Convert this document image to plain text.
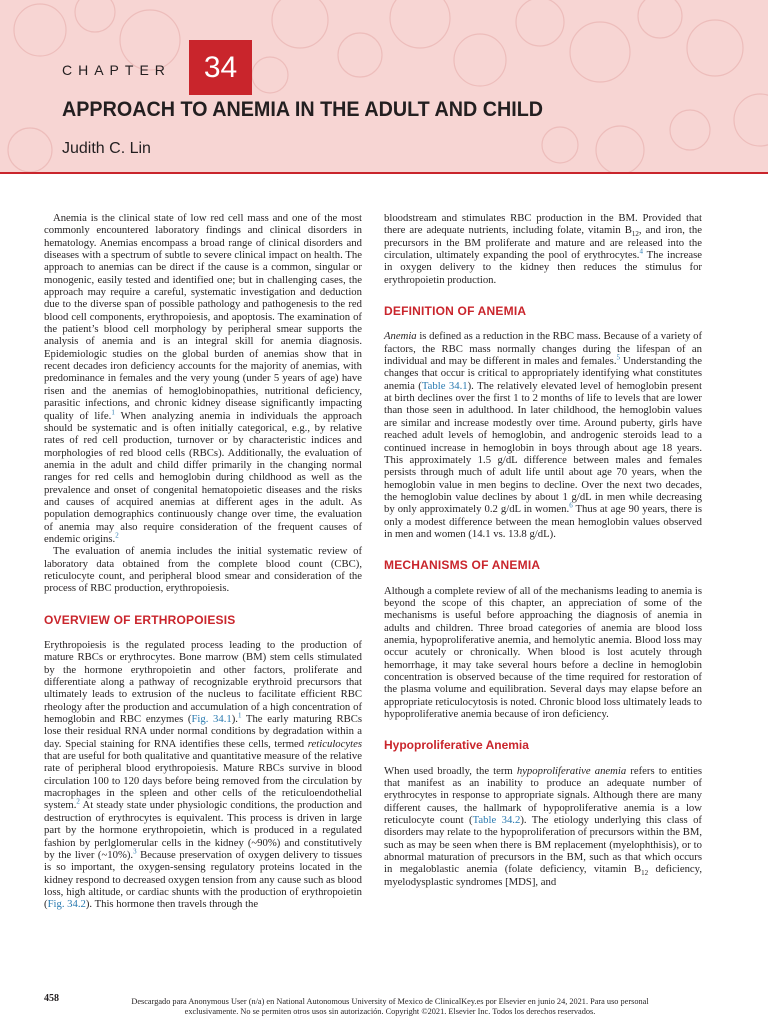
CHAPTER	34
APPROACH TO ANEMIA IN THE ADULT AND CHILD
Judith C. Lin

Anemia is the clinical state of low red cell mass and one of the most commonly encountered laboratory findings and clinical disorders in hematology. Anemias encompass a broad range of clinical disorders and diseases with a spectrum of subtle to severe clinical impact on health. The approach to anemias can be direct if the cause is a common, singular or monogenic, easily tested and identified one; but in challenging cases, the approach may require a careful, systematic investigation and deduction due to the diverse span of possible pathology and pathogenesis to the red blood cell components, erythropoiesis, and apoptosis. The examination of the patient’s blood cell morphology by peripheral smear supports the analysis of anemia and is an integral skill for anemia diagnosis. Epidemiologic studies on the global burden of anemias show that in recent decades iron deficiency accounts for the majority of anemias, with predominance in females and the very young (under 5 years of age) have risen and the anemias of hemoglobinopathies, nutritional deficiency, parasitic infections, and chronic kidney disease significantly impacting quality of life.$^1$ When analyzing anemia in individuals the approach should be systematic and is often initially categorical, e.g., by relative rates of red cell production, turnover or by characteristic indices and morphologies of red blood cells (RBCs). Additionally, the evaluation of anemia in the adult and child differ primarily in the changing normal ranges for red cells and hemoglobin during childhood as well as the prevalence and onset of congenital hematopoietic diseases and the risks and causes of acquired anemias at different ages in the adult. As population demographics continuously change over time, the evaluation of anemia may also require consideration of the frequent causes of endemic origins.$^2$

The evaluation of anemia includes the initial systematic review of laboratory data obtained from the complete blood count (CBC), reticulocyte count, and peripheral blood smear and consideration of the process of RBC production, erythropoiesis.

OVERVIEW OF ERTHROPOIESIS

Erythropoiesis is the regulated process leading to the production of mature RBCs or erythrocytes. Bone marrow (BM) stem cells stimulated by the hormone erythropoietin and other factors, proliferate and differentiate along a pathway of recognizable erythroid precursors that ultimately leads to extrusion of the nucleus to facilitate efficient RBC rheology after the production and accumulation of a high concentration of hemoglobin and RBC enzymes (Fig. 34.1).$^1$ The early maturing RBCs lose their residual RNA under normal conditions by degradation within a day. Special staining for RNA identifies these cells, termed reticulocytes that are useful for both qualitative and quantitative measure of the relative rate of peripheral blood erythropoiesis. Mature RBCs survive in blood circulation 100 to 120 days before being removed from the circulation by macrophages in the spleen and other cells of the reticuloendothelial system.$^2$ At steady state under physiologic conditions, the production and destruction of erythrocytes is equivalent. This process is driven in large part by the hormone erythropoietin, which is produced in a regulated fashion by perlglomerular cells in the kidney (~90%) and constitutively by the liver (~10%).$^3$ Because preservation of oxygen delivery to tissues is so important, the oxygen-sensing regulatory proteins located in the kidney respond to decreased oxygen tension from any cause such as blood loss, high altitude, or cardiac shunts with the production of erythropoietin (Fig. 34.2). This hormone then travels through the

bloodstream and stimulates RBC production in the BM. Provided that there are adequate nutrients, including folate, vitamin $B_{12}$, and iron, the precursors in the BM proliferate and mature and are released into the circulation, ultimately expanding the pool of erythrocytes.$^4$ The increase in oxygen delivery to the kidney then reduces the stimulus for erythropoietin production.

DEFINITION OF ANEMIA

Anemia is defined as a reduction in the RBC mass. Because of a variety of factors, the RBC mass normally changes during the lifespan of an individual and may be different in males and females.$^5$ Understanding the changes that occur is critical to appropriately identifying what constitutes anemia (Table 34.1). The relatively elevated level of hemoglobin present at birth declines over the first 1 to 2 months of life to levels that are lower than those seen in adulthood. In later childhood, the hemoglobin values are similar and increase modestly over time. Around puberty, girls have reached adult levels of hemoglobin, and androgenic steroids lead to a continued increase in hemoglobin in boys through about age 18 years. This approximately 1.5 g/dL difference between males and females persists through much of adult life until about age 70 years, when the hemoglobin value in men begins to decline. Over the next two decades, the hemoglobin value declines by about 1 g/dL in men while decreasing by only approximately 0.2 g/dL in women.$^6$ Thus at age 90 years, there is only a modest difference between the mean hemoglobin values observed in men and women (14.1 vs. 13.8 g/dL).

MECHANISMS OF ANEMIA

Although a complete review of all of the mechanisms leading to anemia is beyond the scope of this chapter, an appreciation of some of the mechanisms is useful before approaching the diagnosis of anemia in adults and children. Three broad categories of anemia are blood loss anemia, hypoproliferative anemia, and hemolytic anemia. Blood loss may occur acutely or chronically. When blood is lost acutely through hemorrhage, it may take several hours before a decline in hemoglobin concentration is observed because of the time required for restoration of the plasma volume and equilibration. Several days may elapse before an appropriate reticulocytosis is noted. Chronic blood loss ultimately leads to hypoproliferative anemia because of iron deficiency.

Hypoproliferative Anemia

When used broadly, the term hypoproliferative anemia refers to entities that manifest as an inability to produce an adequate number of erythrocytes in response to appropriate signals. Although there are many different causes, the hallmark of hypoproliferative anemia is a low reticulocyte count (Table 34.2). The etiology underlying this class of disorders may relate to the hypoproliferation of precursors within the BM, such as may be seen when there is BM replacement (myelophthisis), or to abnormal maturation of precursors in the BM, such as that which occurs in megaloblastic anemia (folate deficiency, vitamin $B_{12}$ deficiency, myelodysplastic syndromes [MDS], and

458	Descargado para Anonymous User (n/a) en National Autonomous University of Mexico de ClinicalKey.es por Elsevier en junio 24, 2021. Para uso personal exclusivamente. No se permiten otros usos sin autorización. Copyright ©2021. Elsevier Inc. Todos los derechos reservados.
